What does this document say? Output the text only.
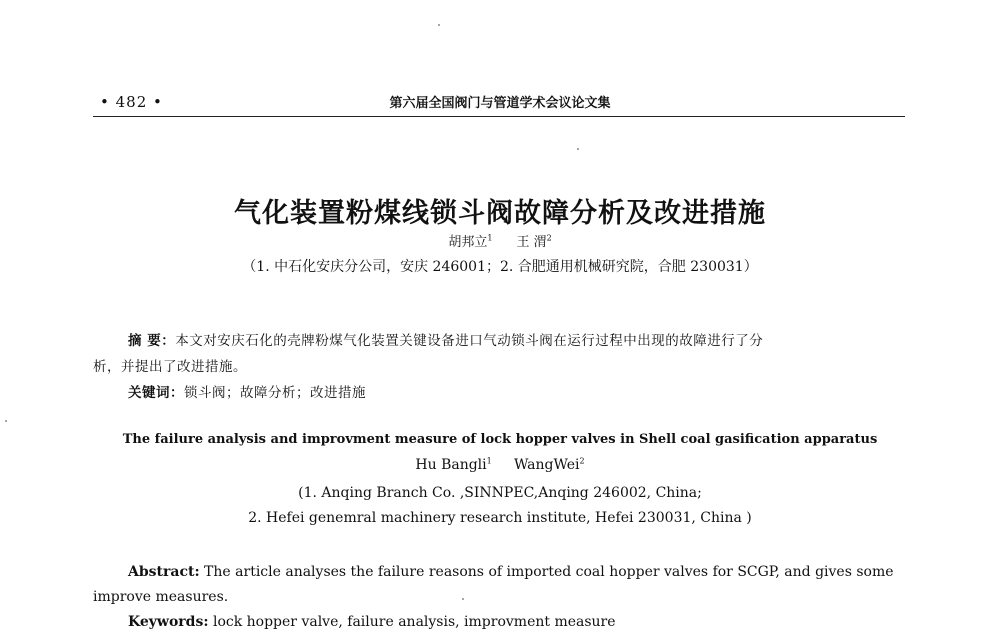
• 482 •	第六届全国阀门与管道学术会议论文集
气化装置粉煤线锁斗阀故障分析及改进措施
胡邦立$^1$ 王 渭$^2$
（1. 中石化安庆分公司，安庆 246001；2. 合肥通用机械研究院，合肥 230031）
摘 要：本文对安庆石化的壳牌粉煤气化装置关键设备进口气动锁斗阀在运行过程中出现的故障进行了分
析，并提出了改进措施。
关键词：锁斗阀；故障分析；改进措施
The failure analysis and improvment measure of lock hopper valves in Shell coal gasification apparatus
Hu Bangli$^1$ WangWei$^2$
(1. Anqing Branch Co. ,SINNPEC,Anqing 246002, China;
2. Hefei genemral machinery research institute, Hefei 230031, China )
Abstract: The article analyses the failure reasons of imported coal hopper valves for SCGP, and gives some
improve measures.
Keywords: lock hopper valve, failure analysis, improvment measure
